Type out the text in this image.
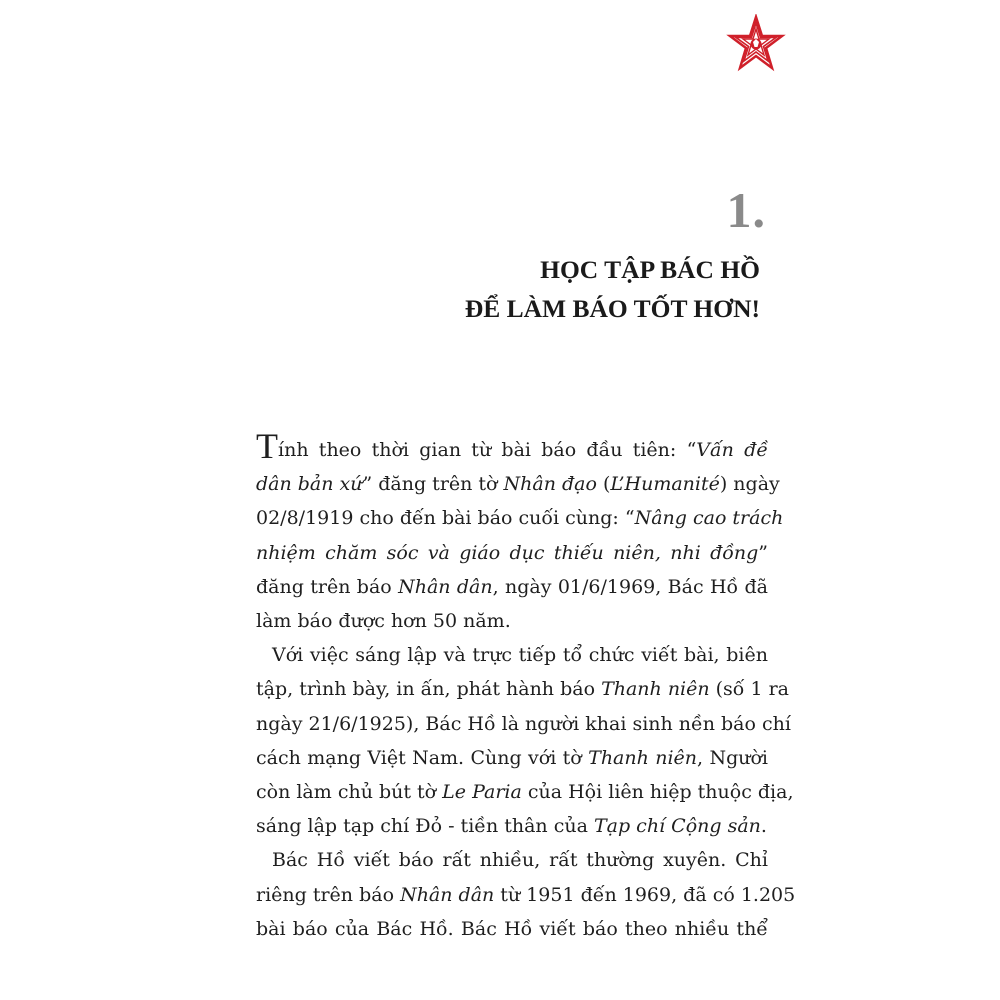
1.
HỌC TẬP BÁC HỒ
ĐỂ LÀM BÁO TỐT HƠN!

Tính theo thời gian từ bài báo đầu tiên: “Vấn đề
dân bản xứ” đăng trên tờ Nhân đạo (L’Humanité) ngày
02/8/1919 cho đến bài báo cuối cùng: “Nâng cao trách
nhiệm chăm sóc và giáo dục thiếu niên, nhi đồng”
đăng trên báo Nhân dân, ngày 01/6/1969, Bác Hồ đã
làm báo được hơn 50 năm.

Với việc sáng lập và trực tiếp tổ chức viết bài, biên
tập, trình bày, in ấn, phát hành báo Thanh niên (số 1 ra
ngày 21/6/1925), Bác Hồ là người khai sinh nền báo chí
cách mạng Việt Nam. Cùng với tờ Thanh niên, Người
còn làm chủ bút tờ Le Paria của Hội liên hiệp thuộc địa,
sáng lập tạp chí Đỏ - tiền thân của Tạp chí Cộng sản.

Bác Hồ viết báo rất nhiều, rất thường xuyên. Chỉ
riêng trên báo Nhân dân từ 1951 đến 1969, đã có 1.205
bài báo của Bác Hồ. Bác Hồ viết báo theo nhiều thể
